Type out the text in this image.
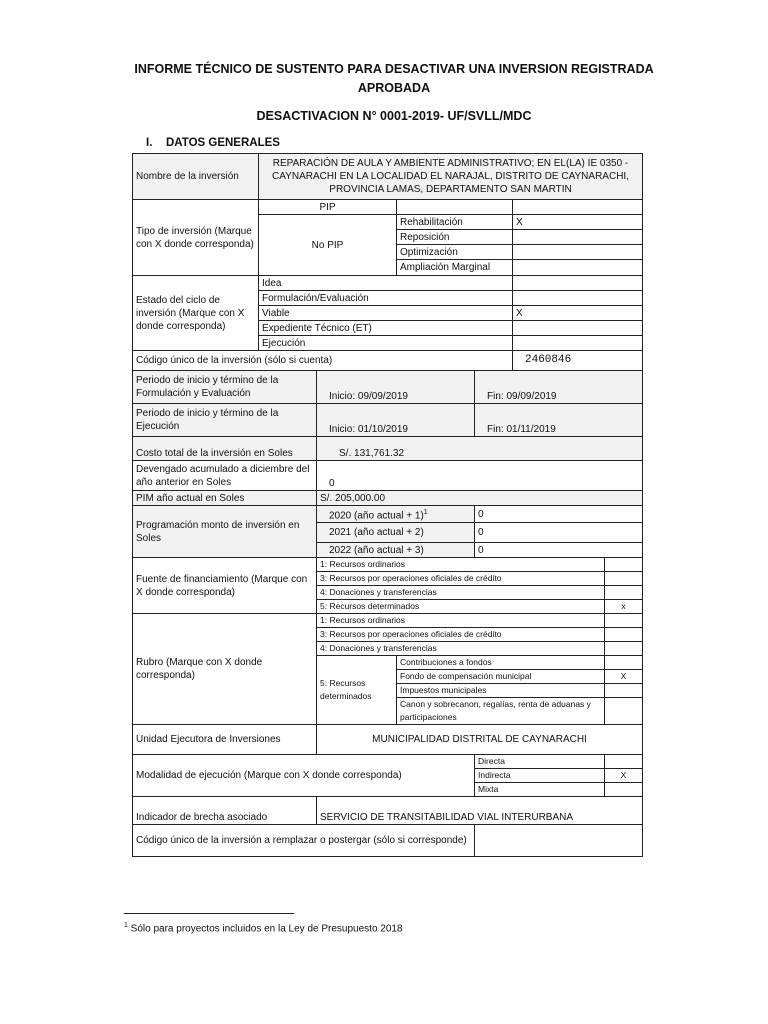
INFORME TÉCNICO DE SUSTENTO PARA DESACTIVAR UNA INVERSION REGISTRADA APROBADA
DESACTIVACION N° 0001-2019- UF/SVLL/MDC
I. DATOS GENERALES
Nombre de la inversión	REPARACIÓN DE AULA Y AMBIENTE ADMINISTRATIVO; EN EL(LA) IE 0350 - CAYNARACHI EN LA LOCALIDAD EL NARAJAL, DISTRITO DE CAYNARACHI, PROVINCIA LAMAS, DEPARTAMENTO SAN MARTIN					
Tipo de inversión (Marque con X donde corresponda)	PIP					
	No PIP		Rehabilitación		X	
			Reposición			
			Optimización			
			Ampliación Marginal			
Estado del ciclo de inversión (Marque con X donde corresponda)	Idea					
	Formulación/Evaluación					
	Viable				X	
	Expediente Técnico (ET)					
	Ejecución					
Código único de la inversión (sólo si cuenta)					2460846	
Periodo de inicio y término de la Formulación y Evaluación		Inicio: 09/09/2019		Fin: 09/09/2019		
Periodo de inicio y término de la Ejecución		Inicio: 01/10/2019		Fin: 01/11/2019		
Costo total de la inversión en Soles		S/. 131,761.32				
Devengado acumulado a diciembre del año anterior en Soles		0				
PIM año actual en Soles		S/. 205,000.00				
Programación monto de inversión en Soles		2020 (año actual + 1)$^1$		0		
		2021 (año actual + 2)		0		
		2022 (año actual + 3)		0		
Fuente de financiamiento (Marque con X donde corresponda)		1: Recursos ordinarios				
		3: Recursos por operaciones oficiales de crédito				
		4: Donaciones y transferencias				
		5: Recursos determinados				x
Rubro (Marque con X donde corresponda)		1: Recursos ordinarios				
		3: Recursos por operaciones oficiales de crédito				
		4: Donaciones y transferencias				
		5: Recursos determinados	Contribuciones a fondos			
			Fondo de compensación municipal			X
			Impuestos municipales			
			Canon y sobrecanon, regalías, renta de aduanas y participaciones			
Unidad Ejecutora de Inversiones		MUNICIPALIDAD DISTRITAL DE CAYNARACHI				
Modalidad de ejecución (Marque con X donde corresponda)				Directa		
				Indirecta		X
				Mixta		
Indicador de brecha asociado		SERVICIO DE TRANSITABILIDAD VIAL INTERURBANA				
Código único de la inversión a remplazar o postergar (sólo si corresponde)						
$^1$ Sólo para proyectos incluidos en la Ley de Presupuesto 2018
